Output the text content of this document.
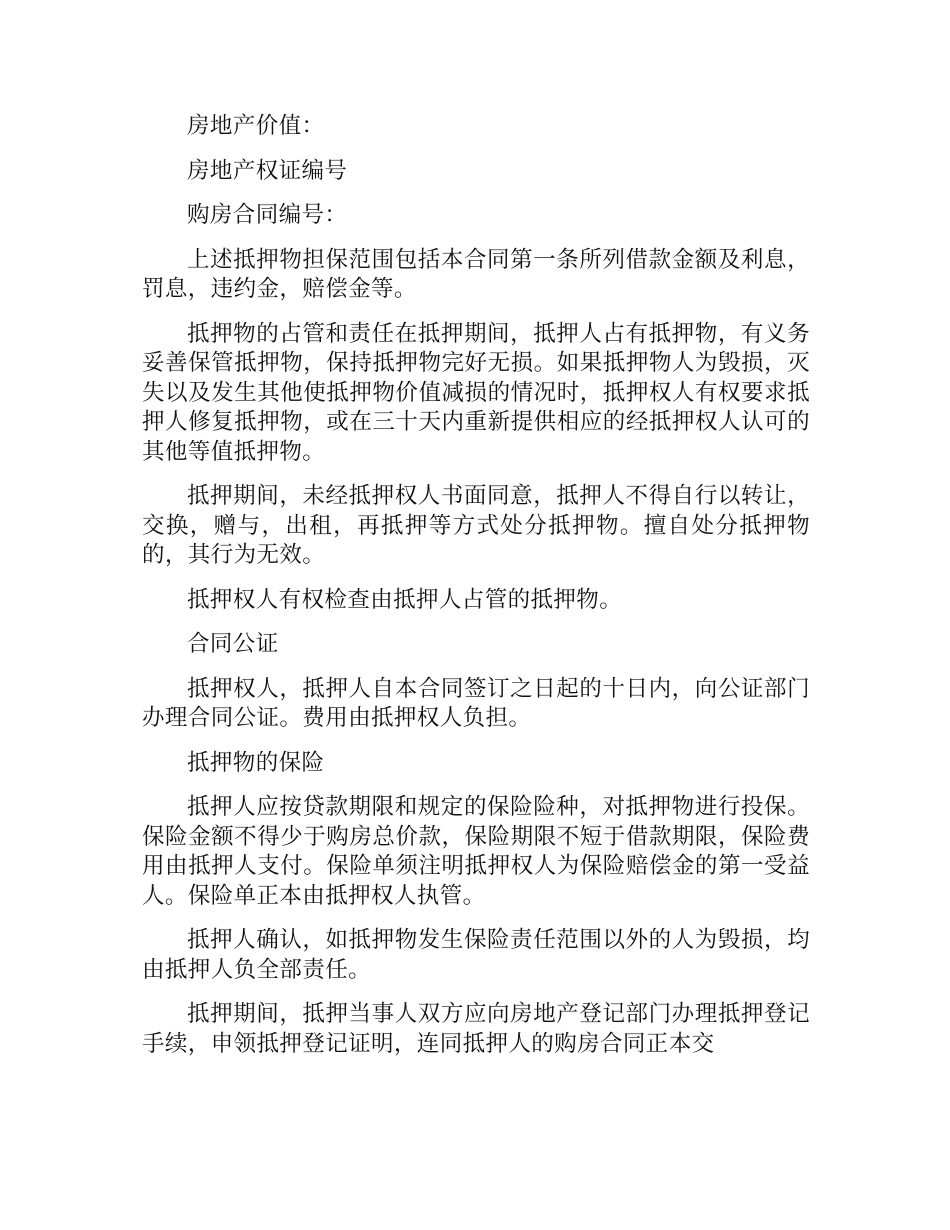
房地产价值：

房地产权证编号

购房合同编号：

上述抵押物担保范围包括本合同第一条所列借款金额及利息，罚息，违约金，赔偿金等。

抵押物的占管和责任在抵押期间，抵押人占有抵押物，有义务妥善保管抵押物，保持抵押物完好无损。如果抵押物人为毁损，灭失以及发生其他使抵押物价值减损的情况时，抵押权人有权要求抵押人修复抵押物，或在三十天内重新提供相应的经抵押权人认可的其他等值抵押物。

抵押期间，未经抵押权人书面同意，抵押人不得自行以转让，交换，赠与，出租，再抵押等方式处分抵押物。擅自处分抵押物的，其行为无效。

抵押权人有权检查由抵押人占管的抵押物。

合同公证

抵押权人，抵押人自本合同签订之日起的十日内，向公证部门办理合同公证。费用由抵押权人负担。

抵押物的保险

抵押人应按贷款期限和规定的保险险种，对抵押物进行投保。保险金额不得少于购房总价款，保险期限不短于借款期限，保险费用由抵押人支付。保险单须注明抵押权人为保险赔偿金的第一受益人。保险单正本由抵押权人执管。

抵押人确认，如抵押物发生保险责任范围以外的人为毁损，均由抵押人负全部责任。

抵押期间，抵押当事人双方应向房地产登记部门办理抵押登记手续，申领抵押登记证明，连同抵押人的购房合同正本交
